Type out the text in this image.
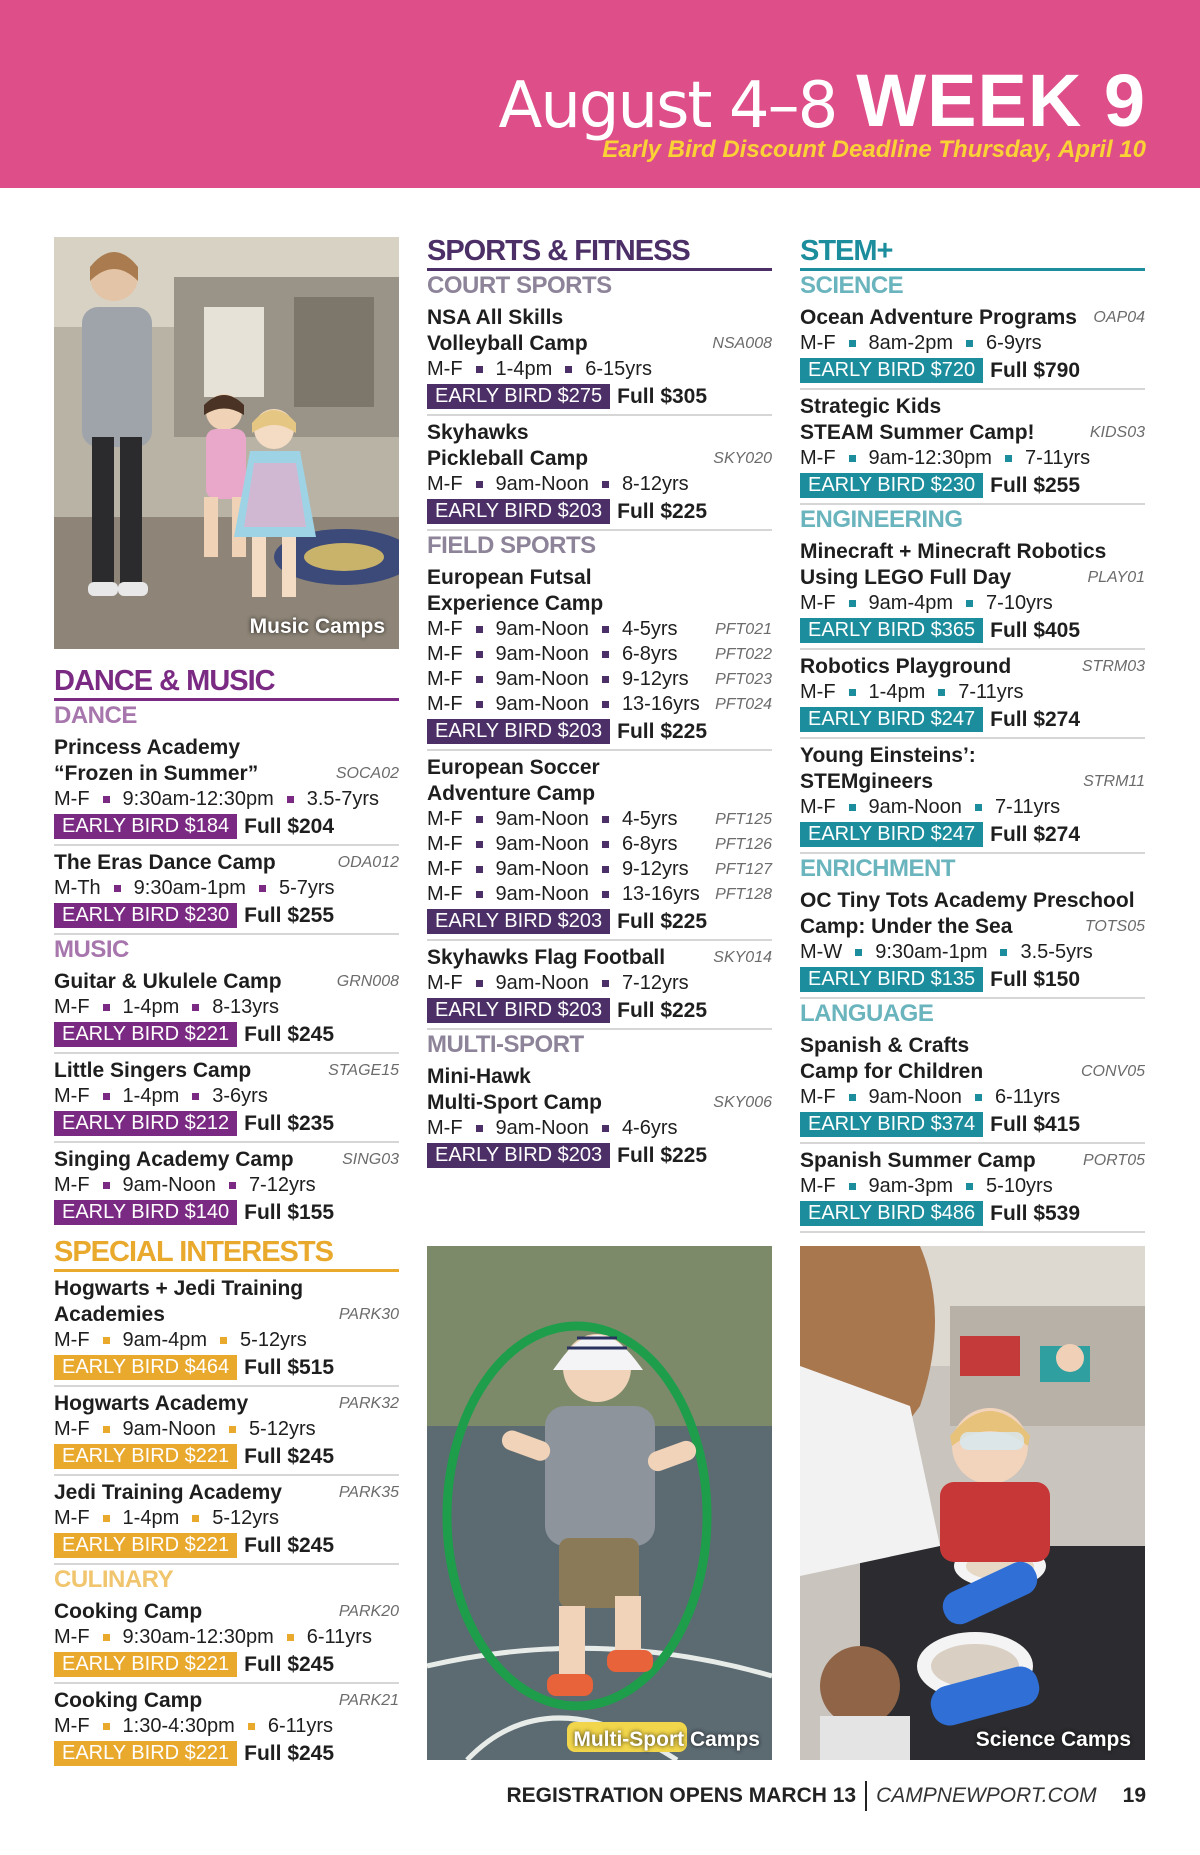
August 4–8 WEEK 9
Early Bird Discount Deadline Thursday, April 10
Music Camps
DANCE & MUSIC
DANCE
Princess Academy
“Frozen in Summer”	SOCA02
M-F 9:30am-12:30pm 3.5-7yrs
EARLY BIRD $184 Full $204
The Eras Dance Camp	ODA012
M-Th 9:30am-1pm 5-7yrs
EARLY BIRD $230 Full $255
MUSIC
Guitar & Ukulele Camp	GRN008
M-F 1-4pm 8-13yrs
EARLY BIRD $221 Full $245
Little Singers Camp	STAGE15
M-F 1-4pm 3-6yrs
EARLY BIRD $212 Full $235
Singing Academy Camp	SING03
M-F 9am-Noon 7-12yrs
EARLY BIRD $140 Full $155
SPECIAL INTERESTS
Hogwarts + Jedi Training
Academies	PARK30
M-F 9am-4pm 5-12yrs
EARLY BIRD $464 Full $515
Hogwarts Academy	PARK32
M-F 9am-Noon 5-12yrs
EARLY BIRD $221 Full $245
Jedi Training Academy	PARK35
M-F 1-4pm 5-12yrs
EARLY BIRD $221 Full $245
CULINARY
Cooking Camp	PARK20
M-F 9:30am-12:30pm 6-11yrs
EARLY BIRD $221 Full $245
Cooking Camp	PARK21
M-F 1:30-4:30pm 6-11yrs
EARLY BIRD $221 Full $245
SPORTS & FITNESS
COURT SPORTS
NSA All Skills
Volleyball Camp	NSA008
M-F 1-4pm 6-15yrs
EARLY BIRD $275 Full $305
Skyhawks
Pickleball Camp	SKY020
M-F 9am-Noon 8-12yrs
EARLY BIRD $203 Full $225
FIELD SPORTS
European Futsal
Experience Camp
M-F 9am-Noon 4-5yrs PFT021
M-F 9am-Noon 6-8yrs PFT022
M-F 9am-Noon 9-12yrs PFT023
M-F 9am-Noon 13-16yrs PFT024
EARLY BIRD $203 Full $225
European Soccer
Adventure Camp
M-F 9am-Noon 4-5yrs PFT125
M-F 9am-Noon 6-8yrs PFT126
M-F 9am-Noon 9-12yrs PFT127
M-F 9am-Noon 13-16yrs PFT128
EARLY BIRD $203 Full $225
Skyhawks Flag Football	SKY014
M-F 9am-Noon 7-12yrs
EARLY BIRD $203 Full $225
MULTI-SPORT
Mini-Hawk
Multi-Sport Camp	SKY006
M-F 9am-Noon 4-6yrs
EARLY BIRD $203 Full $225
Multi-Sport Camps
STEM+
SCIENCE
Ocean Adventure Programs OAP04
M-F 8am-2pm 6-9yrs
EARLY BIRD $720 Full $790
Strategic Kids
STEAM Summer Camp!	KIDS03
M-F 9am-12:30pm 7-11yrs
EARLY BIRD $230 Full $255
ENGINEERING
Minecraft + Minecraft Robotics
Using LEGO Full Day	PLAY01
M-F 9am-4pm 7-10yrs
EARLY BIRD $365 Full $405
Robotics Playground	STRM03
M-F 1-4pm 7-11yrs
EARLY BIRD $247 Full $274
Young Einsteins’:
STEMgineers	STRM11
M-F 9am-Noon 7-11yrs
EARLY BIRD $247 Full $274
ENRICHMENT
OC Tiny Tots Academy Preschool
Camp: Under the Sea	TOTS05
M-W 9:30am-1pm 3.5-5yrs
EARLY BIRD $135 Full $150
LANGUAGE
Spanish & Crafts
Camp for Children	CONV05
M-F 9am-Noon 6-11yrs
EARLY BIRD $374 Full $415
Spanish Summer Camp	PORT05
M-F 9am-3pm 5-10yrs
EARLY BIRD $486 Full $539
Science Camps
REGISTRATION OPENS MARCH 13 CAMPNEWPORT.COM 19
